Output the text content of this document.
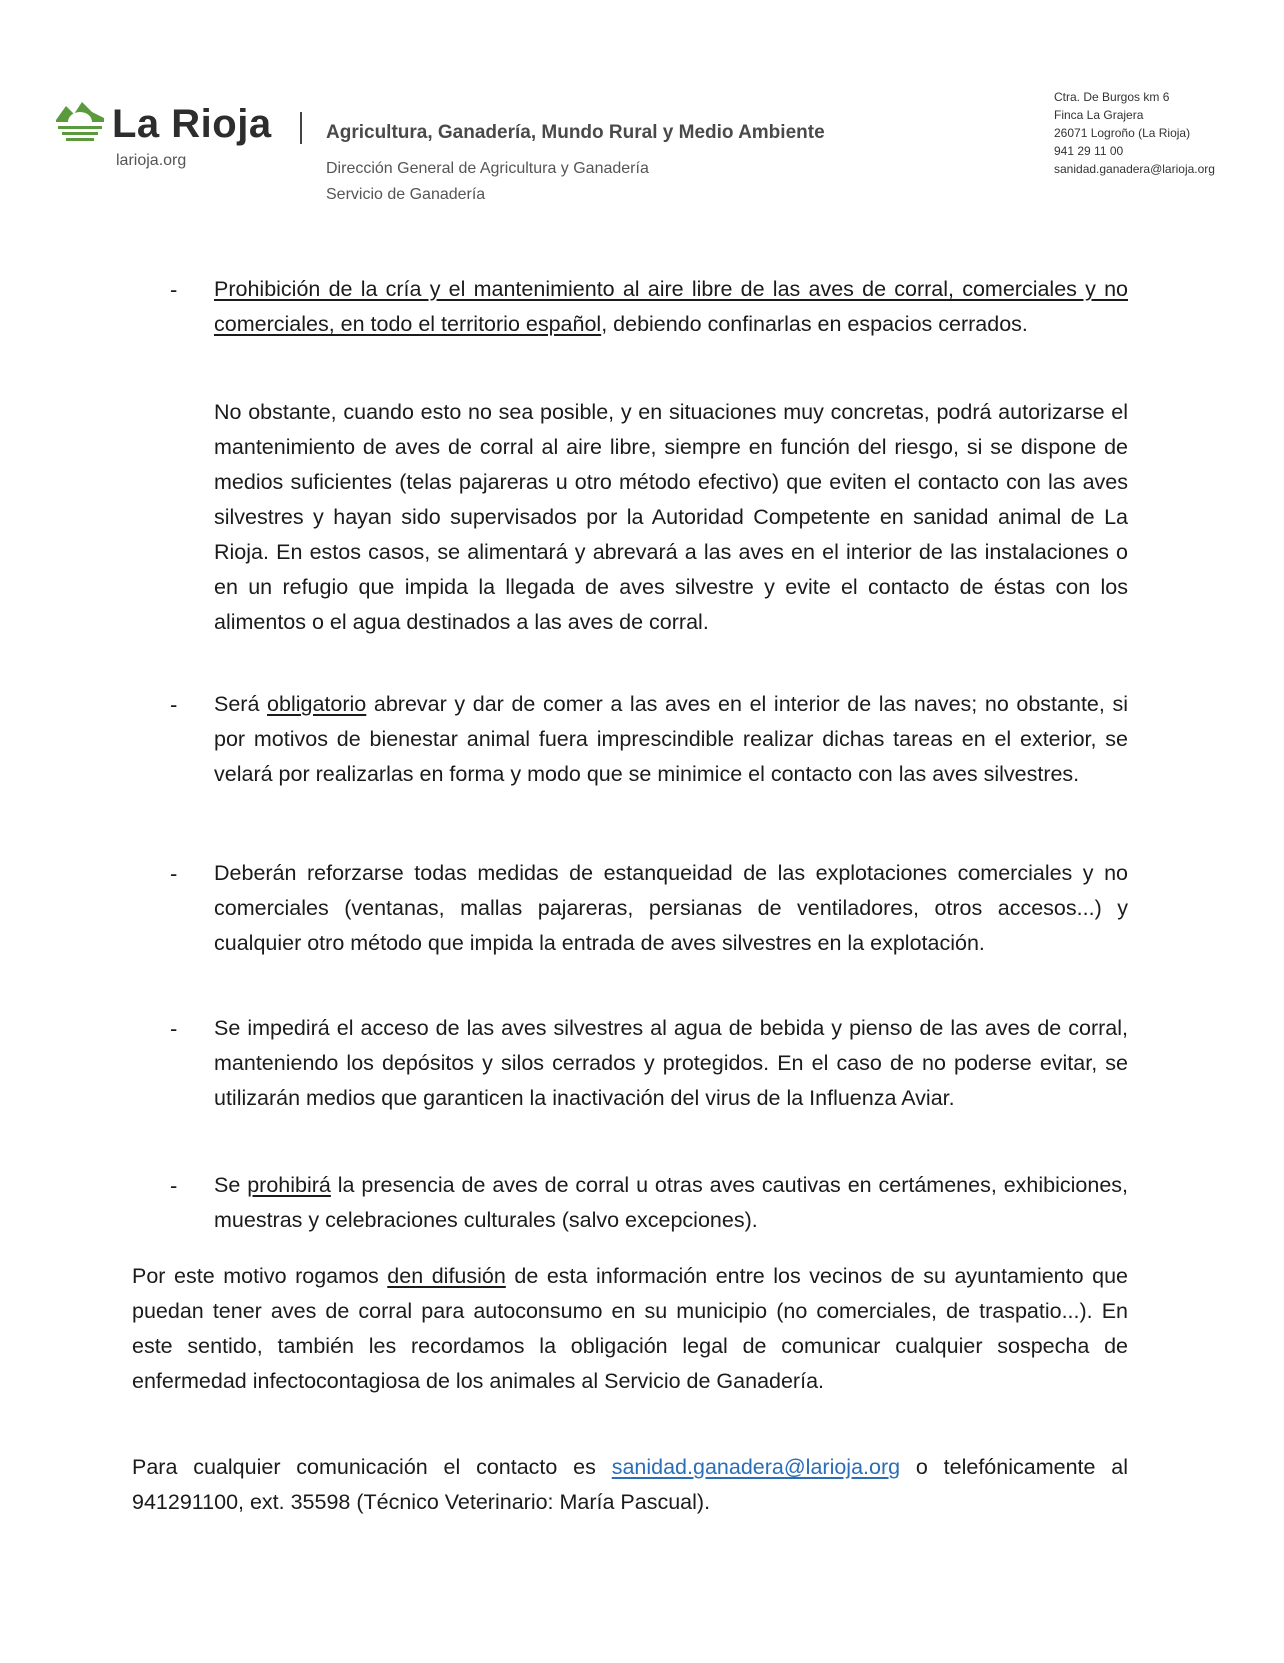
La Rioja
larioja.org
Agricultura, Ganadería, Mundo Rural y Medio Ambiente
Dirección General de Agricultura y Ganadería
Servicio de Ganadería
Ctra. De Burgos km 6
Finca La Grajera
26071 Logroño (La Rioja)
941 29 11 00
sanidad.ganadera@larioja.org
- Prohibición de la cría y el mantenimiento al aire libre de las aves de corral, comerciales y no comerciales, en todo el territorio español, debiendo confinarlas en espacios cerrados.

No obstante, cuando esto no sea posible, y en situaciones muy concretas, podrá autorizarse el mantenimiento de aves de corral al aire libre, siempre en función del riesgo, si se dispone de medios suficientes (telas pajareras u otro método efectivo) que eviten el contacto con las aves silvestres y hayan sido supervisados por la Autoridad Competente en sanidad animal de La Rioja. En estos casos, se alimentará y abrevará a las aves en el interior de las instalaciones o en un refugio que impida la llegada de aves silvestre y evite el contacto de éstas con los alimentos o el agua destinados a las aves de corral.

- Será obligatorio abrevar y dar de comer a las aves en el interior de las naves; no obstante, si por motivos de bienestar animal fuera imprescindible realizar dichas tareas en el exterior, se velará por realizarlas en forma y modo que se minimice el contacto con las aves silvestres.

- Deberán reforzarse todas medidas de estanqueidad de las explotaciones comerciales y no comerciales (ventanas, mallas pajareras, persianas de ventiladores, otros accesos...) y cualquier otro método que impida la entrada de aves silvestres en la explotación.

- Se impedirá el acceso de las aves silvestres al agua de bebida y pienso de las aves de corral, manteniendo los depósitos y silos cerrados y protegidos. En el caso de no poderse evitar, se utilizarán medios que garanticen la inactivación del virus de la Influenza Aviar.

- Se prohibirá la presencia de aves de corral u otras aves cautivas en certámenes, exhibiciones, muestras y celebraciones culturales (salvo excepciones).

Por este motivo rogamos den difusión de esta información entre los vecinos de su ayuntamiento que puedan tener aves de corral para autoconsumo en su municipio (no comerciales, de traspatio...). En este sentido, también les recordamos la obligación legal de comunicar cualquier sospecha de enfermedad infectocontagiosa de los animales al Servicio de Ganadería.

Para cualquier comunicación el contacto es sanidad.ganadera@larioja.org o telefónicamente al 941291100, ext. 35598 (Técnico Veterinario: María Pascual).
